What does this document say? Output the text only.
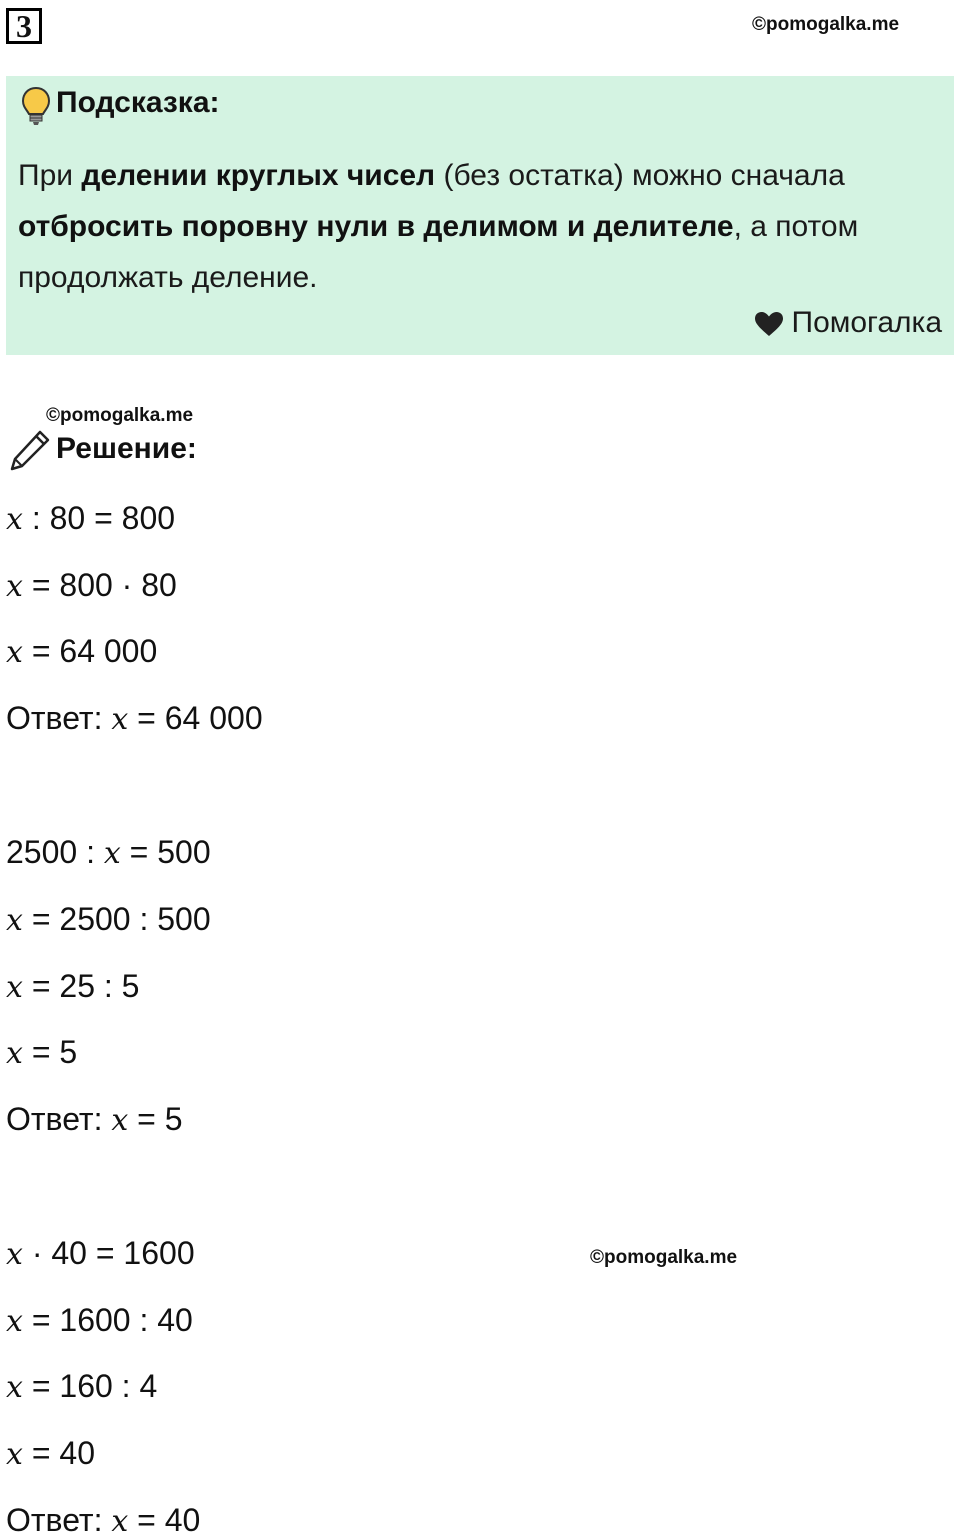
3	©pomogalka.me
Подсказка:
При делении круглых чисел (без остатка) можно сначала отбросить поровну нули в делимом и делителе, а потом продолжать деление.
Помогалка
©pomogalka.me
Решение:
x : 80 = 800
x = 800 · 80
x = 64 000
Ответ: x = 64 000
2500 : x = 500
x = 2500 : 500
x = 25 : 5
x = 5
Ответ: x = 5
x · 40 = 1600	©pomogalka.me
x = 1600 : 40
x = 160 : 4
x = 40
Ответ: x = 40
